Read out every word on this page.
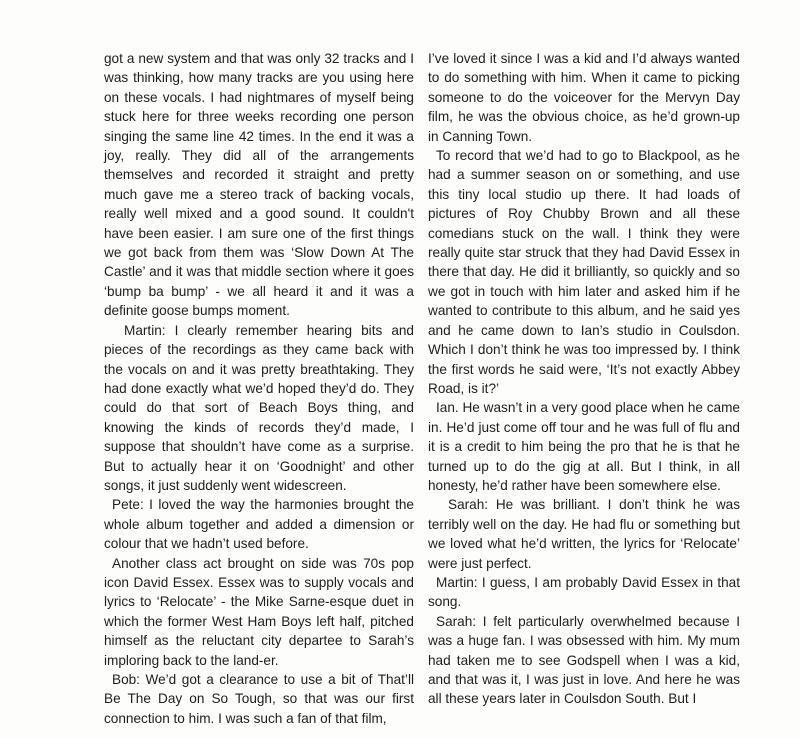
got a new system and that was only 32 tracks and I was thinking, how many tracks are you using here on these vocals. I had nightmares of myself being stuck here for three weeks recording one person singing the same line 42 times. In the end it was a joy, really. They did all of the arrangements themselves and recorded it straight and pretty much gave me a stereo track of backing vocals, really well mixed and a good sound. It couldn't have been easier. I am sure one of the first things we got back from them was ‘Slow Down At The Castle’ and it was that middle section where it goes ‘bump ba bump’ - we all heard it and it was a definite goose bumps moment.

Martin: I clearly remember hearing bits and pieces of the recordings as they came back with the vocals on and it was pretty breathtaking. They had done exactly what we’d hoped they’d do. They could do that sort of Beach Boys thing, and knowing the kinds of records they’d made, I suppose that shouldn’t have come as a surprise. But to actually hear it on ‘Goodnight’ and other songs, it just suddenly went widescreen.

Pete: I loved the way the harmonies brought the whole album together and added a dimension or colour that we hadn’t used before.

Another class act brought on side was 70s pop icon David Essex. Essex was to supply vocals and lyrics to ‘Relocate’ - the Mike Sarne-esque duet in which the former West Ham Boys left half, pitched himself as the reluctant city departee to Sarah’s imploring back to the land-er.

Bob: We’d got a clearance to use a bit of That’ll Be The Day on So Tough, so that was our first connection to him. I was such a fan of that film,

I’ve loved it since I was a kid and I’d always wanted to do something with him. When it came to picking someone to do the voiceover for the Mervyn Day film, he was the obvious choice, as he’d grown-up in Canning Town.

To record that we’d had to go to Blackpool, as he had a summer season on or something, and use this tiny local studio up there. It had loads of pictures of Roy Chubby Brown and all these comedians stuck on the wall. I think they were really quite star struck that they had David Essex in there that day. He did it brilliantly, so quickly and so we got in touch with him later and asked him if he wanted to contribute to this album, and he said yes and he came down to Ian’s studio in Coulsdon. Which I don’t think he was too impressed by. I think the first words he said were, ‘It’s not exactly Abbey Road, is it?’

Ian. He wasn’t in a very good place when he came in. He’d just come off tour and he was full of flu and it is a credit to him being the pro that he is that he turned up to do the gig at all. But I think, in all honesty, he’d rather have been somewhere else.

Sarah: He was brilliant. I don’t think he was terribly well on the day. He had flu or something but we loved what he’d written, the lyrics for ‘Relocate’ were just perfect.

Martin: I guess, I am probably David Essex in that song.

Sarah: I felt particularly overwhelmed because I was a huge fan. I was obsessed with him. My mum had taken me to see Godspell when I was a kid, and that was it, I was just in love. And here he was all these years later in Coulsdon South. But I
